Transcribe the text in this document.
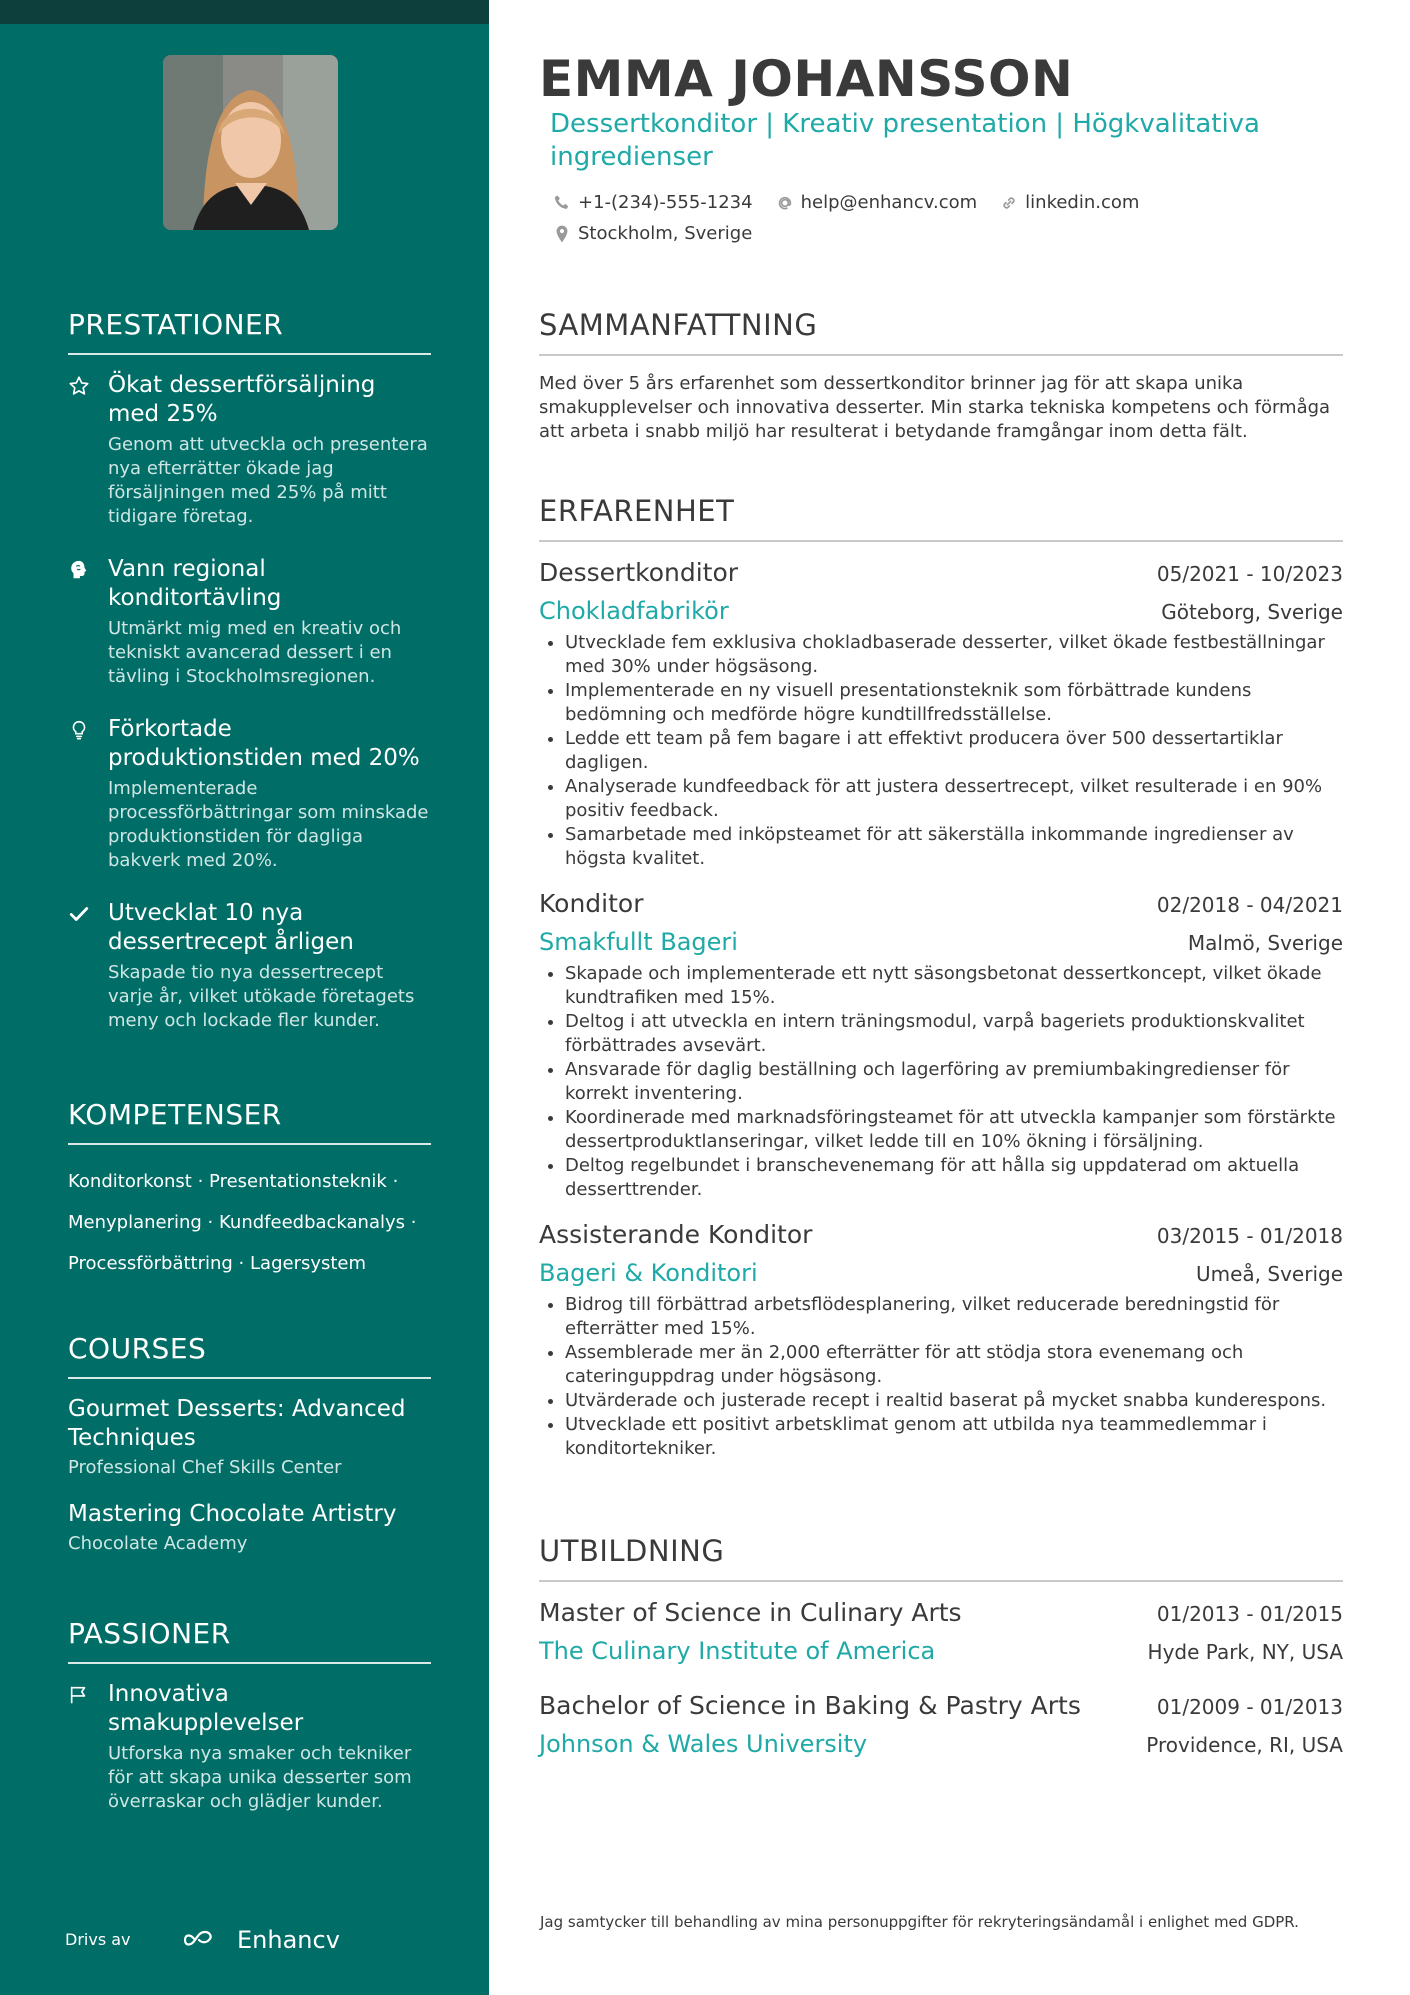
PRESTATIONER
Ökat dessertförsäljning med 25%
Genom att utveckla och presentera nya efterrätter ökade jag försäljningen med 25% på mitt tidigare företag.
Vann regional konditortävling
Utmärkt mig med en kreativ och tekniskt avancerad dessert i en tävling i Stockholmsregionen.
Förkortade produktionstiden med 20%
Implementerade processförbättringar som minskade produktionstiden för dagliga bakverk med 20%.
Utvecklat 10 nya dessertrecept årligen
Skapade tio nya dessertrecept varje år, vilket utökade företagets meny och lockade fler kunder.
KOMPETENSER
Konditorkonst · Presentationsteknik ·
Menyplanering · Kundfeedbackanalys ·
Processförbättring · Lagersystem
COURSES
Gourmet Desserts: Advanced Techniques
Professional Chef Skills Center
Mastering Chocolate Artistry
Chocolate Academy
PASSIONER
Innovativa smakupplevelser
Utforska nya smaker och tekniker för att skapa unika desserter som överraskar och glädjer kunder.
Drivs av	Enhancv
EMMA JOHANSSON
Dessertkonditor | Kreativ presentation | Högkvalitativa ingredienser
+1-(234)-555-1234	help@enhancv.com	linkedin.com
Stockholm, Sverige
SAMMANFATTNING
Med över 5 års erfarenhet som dessertkonditor brinner jag för att skapa unika smakupplevelser och innovativa desserter. Min starka tekniska kompetens och förmåga att arbeta i snabb miljö har resulterat i betydande framgångar inom detta fält.
ERFARENHET
Dessertkonditor	05/2021 - 10/2023
Chokladfabrikör	Göteborg, Sverige
• Utvecklade fem exklusiva chokladbaserade desserter, vilket ökade festbeställningar med 30% under högsäsong.
• Implementerade en ny visuell presentationsteknik som förbättrade kundens bedömning och medförde högre kundtillfredsställelse.
• Ledde ett team på fem bagare i att effektivt producera över 500 dessertartiklar dagligen.
• Analyserade kundfeedback för att justera dessertrecept, vilket resulterade i en 90% positiv feedback.
• Samarbetade med inköpsteamet för att säkerställa inkommande ingredienser av högsta kvalitet.
Konditor	02/2018 - 04/2021
Smakfullt Bageri	Malmö, Sverige
• Skapade och implementerade ett nytt säsongsbetonat dessertkoncept, vilket ökade kundtrafiken med 15%.
• Deltog i att utveckla en intern träningsmodul, varpå bageriets produktionskvalitet förbättrades avsevärt.
• Ansvarade för daglig beställning och lagerföring av premiumbakingredienser för korrekt inventering.
• Koordinerade med marknadsföringsteamet för att utveckla kampanjer som förstärkte dessertproduktlanseringar, vilket ledde till en 10% ökning i försäljning.
• Deltog regelbundet i branschevenemang för att hålla sig uppdaterad om aktuella desserttrender.
Assisterande Konditor	03/2015 - 01/2018
Bageri & Konditori	Umeå, Sverige
• Bidrog till förbättrad arbetsflödesplanering, vilket reducerade beredningstid för efterrätter med 15%.
• Assemblerade mer än 2,000 efterrätter för att stödja stora evenemang och cateringuppdrag under högsäsong.
• Utvärderade och justerade recept i realtid baserat på mycket snabba kunderespons.
• Utvecklade ett positivt arbetsklimat genom att utbilda nya teammedlemmar i konditortekniker.
UTBILDNING
Master of Science in Culinary Arts	01/2013 - 01/2015
The Culinary Institute of America	Hyde Park, NY, USA
Bachelor of Science in Baking & Pastry Arts	01/2009 - 01/2013
Johnson & Wales University	Providence, RI, USA
Jag samtycker till behandling av mina personuppgifter för rekryteringsändamål i enlighet med GDPR.
